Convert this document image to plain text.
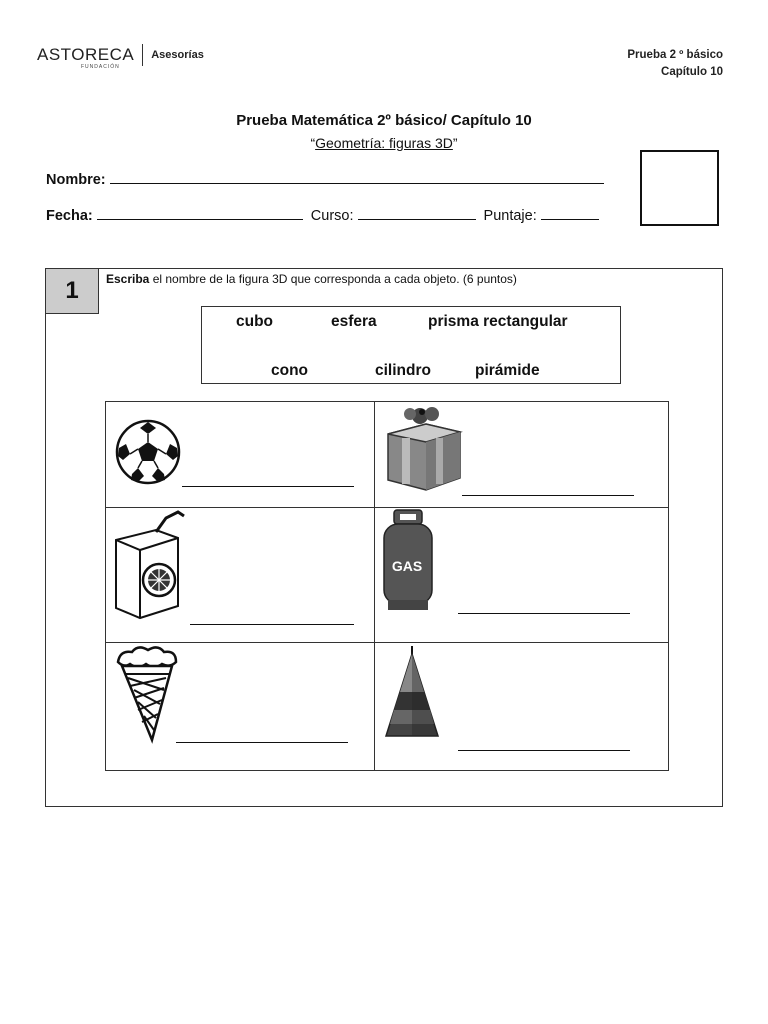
ASTORECA
FUNDACIÓN
Asesorías	Prueba 2 º básico
Capítulo 10
Prueba Matemática 2º básico/ Capítulo 10
“Geometría: figuras 3D”
Nombre:
Fecha:	Curso:	Puntaje:
1	Escriba el nombre de la figura 3D que corresponda a cada objeto. (6 puntos)
cubo	esfera	prisma rectangular
cono	cilindro	pirámide
GAS
